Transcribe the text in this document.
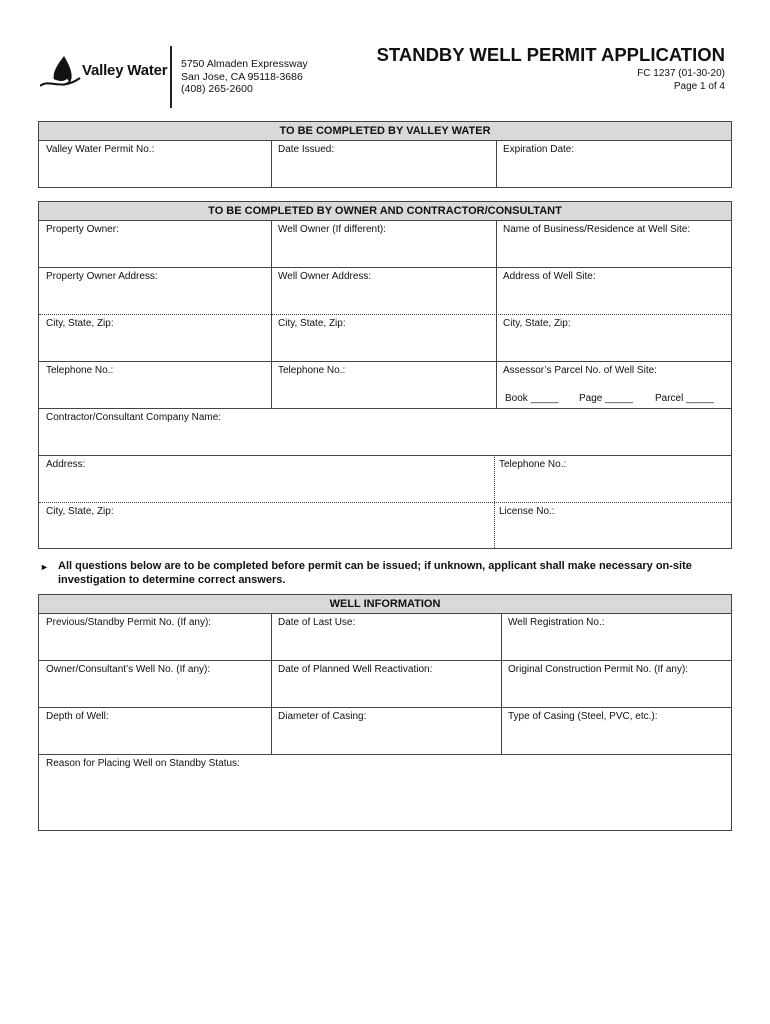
Valley Water 5750 Almaden Expressway
San Jose, CA 95118-3686
(408) 265-2600
STANDBY WELL PERMIT APPLICATION
FC 1237 (01-30-20)
Page 1 of 4
TO BE COMPLETED BY VALLEY WATER
Valley Water Permit No.:	Date Issued:	Expiration Date:
TO BE COMPLETED BY OWNER AND CONTRACTOR/CONSULTANT
Property Owner:	Well Owner (If different):	Name of Business/Residence at Well Site:
Property Owner Address:	Well Owner Address:	Address of Well Site:
City, State, Zip:	City, State, Zip:	City, State, Zip:
Telephone No.:	Telephone No.:	Assessor’s Parcel No. of Well Site:
Book _____ Page _____ Parcel _____
Contractor/Consultant Company Name:
Address:	Telephone No.:
City, State, Zip:	License No.:
► All questions below are to be completed before permit can be issued; if unknown, applicant shall make necessary on-site investigation to determine correct answers.
WELL INFORMATION
Previous/Standby Permit No. (If any):	Date of Last Use:	Well Registration No.:
Owner/Consultant’s Well No. (If any):	Date of Planned Well Reactivation:	Original Construction Permit No. (If any):
Depth of Well:	Diameter of Casing:	Type of Casing (Steel, PVC, etc.):
Reason for Placing Well on Standby Status:
